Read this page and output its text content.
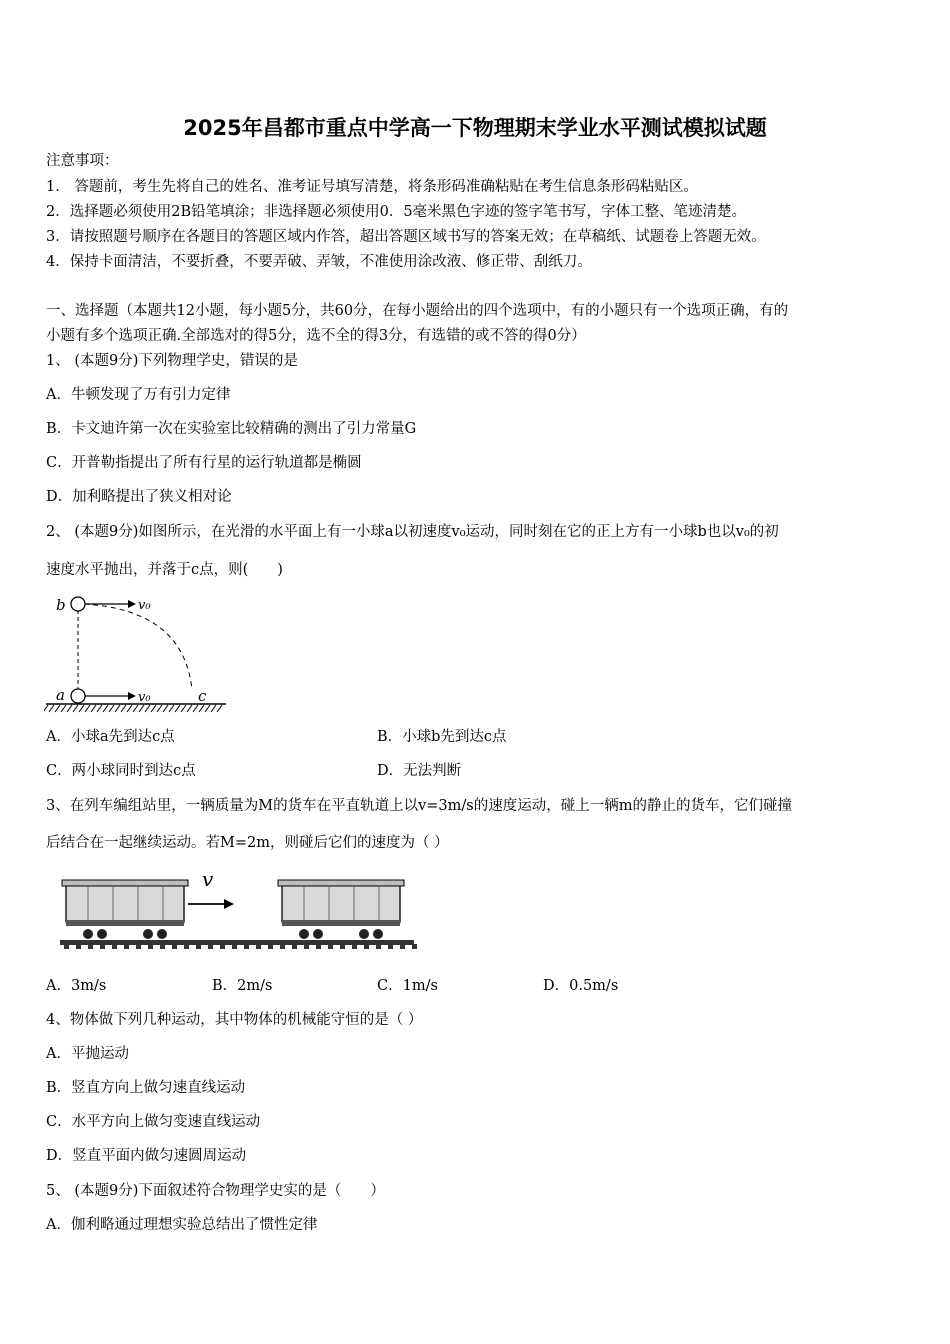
2025年昌都市重点中学高一下物理期末学业水平测试模拟试题
注意事项：
1． 答题前，考生先将自己的姓名、准考证号填写清楚，将条形码准确粘贴在考生信息条形码粘贴区。
2．选择题必须使用2B铅笔填涂；非选择题必须使用0．5毫米黑色字迹的签字笔书写，字体工整、笔迹清楚。
3．请按照题号顺序在各题目的答题区域内作答，超出答题区域书写的答案无效；在草稿纸、试题卷上答题无效。
4．保持卡面清洁，不要折叠，不要弄破、弄皱，不准使用涂改液、修正带、刮纸刀。
一、选择题（本题共12小题，每小题5分，共60分，在每小题给出的四个选项中，有的小题只有一个选项正确，有的
小题有多个选项正确.全部选对的得5分，选不全的得3分，有选错的或不答的得0分）
1、 (本题9分)下列物理学史，错误的是
A．牛顿发现了万有引力定律
B．卡文迪许第一次在实验室比较精确的测出了引力常量G
C．开普勒指提出了所有行星的运行轨道都是椭圆
D．加利略提出了狭义相对论
2、 (本题9分)如图所示，在光滑的水平面上有一小球a以初速度v₀运动，同时刻在它的正上方有一小球b也以v₀的初
速度水平抛出，并落于c点，则(　　)
b	v₀
a	v₀	c
A．小球a先到达c点	B．小球b先到达c点
C．两小球同时到达c点	D．无法判断
3、在列车编组站里，一辆质量为M的货车在平直轨道上以v=3m/s的速度运动，碰上一辆m的静止的货车，它们碰撞
后结合在一起继续运动。若M=2m，则碰后它们的速度为（ ）
v
A．3m/s	B．2m/s	C．1m/s	D．0.5m/s
4、物体做下列几种运动，其中物体的机械能守恒的是（ ）
A．平抛运动
B．竖直方向上做匀速直线运动
C．水平方向上做匀变速直线运动
D．竖直平面内做匀速圆周运动
5、 (本题9分)下面叙述符合物理学史实的是（　　）
A．伽利略通过理想实验总结出了惯性定律
